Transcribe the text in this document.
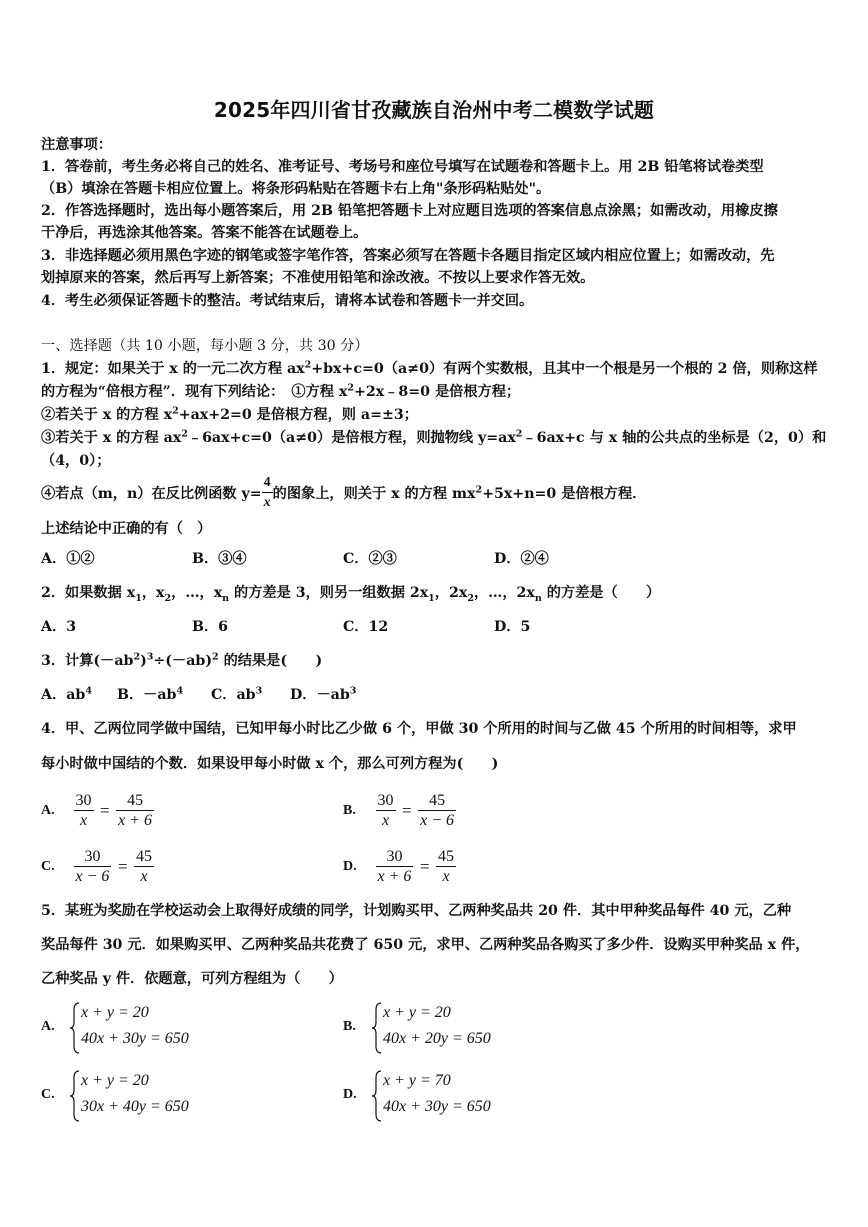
2025年四川省甘孜藏族自治州中考二模数学试题
注意事项：
1．答卷前，考生务必将自己的姓名、准考证号、考场号和座位号填写在试题卷和答题卡上。用 2B 铅笔将试卷类型
（B）填涂在答题卡相应位置上。将条形码粘贴在答题卡右上角"条形码粘贴处"。
2．作答选择题时，选出每小题答案后，用 2B 铅笔把答题卡上对应题目选项的答案信息点涂黑；如需改动，用橡皮擦
干净后，再选涂其他答案。答案不能答在试题卷上。
3．非选择题必须用黑色字迹的钢笔或签字笔作答，答案必须写在答题卡各题目指定区域内相应位置上；如需改动，先
划掉原来的答案，然后再写上新答案；不准使用铅笔和涂改液。不按以上要求作答无效。
4．考生必须保证答题卡的整洁。考试结束后，请将本试卷和答题卡一并交回。
一、选择题（共 10 小题，每小题 3 分，共 30 分）
1．规定：如果关于 x 的一元二次方程 $ax^2+bx+c=0(a\ne 0)$有两个实数根，且其中一个根是另一个根的 2 倍，则称这样
的方程为“倍根方程”．现有下列结论：　①方程 $x^2+2x﹣8=0$ 是倍根方程；
②若关于 x 的方程 $x^2+ax+2=0$ 是倍根方程，则 a=±3；
③若关于 x 的方程 $ax^2﹣6ax+c=0(a\ne 0)$是倍根方程，则抛物线 $y=ax^2﹣6ax+c$ 与 x 轴的公共点的坐标是（2，0）和
（4，0）；
④若点（m，n）在反比例函数 $y= \frac{4}{x}$ 的图象上，则关于 x 的方程 $mx^2+5x+n=0$ 是倍根方程．
上述结论中正确的有（　）
A．①②	B．③④	C．②③	D．②④
2．如果数据 $x_1$，$x_2$，…，$x_n$ 的方差是 3，则另一组数据 $2x_1$，$2x_2$，…，$2x_n$ 的方差是（　　）
A．3	B．6	C．12	D．5
3．计算$(-ab^2)^3\div(-ab)^2$ 的结果是(　　)
A．$ab^4$ B．$-ab^4$ C．$ab^3$ D．$-ab^3$
4．甲、乙两位同学做中国结，已知甲每小时比乙少做 6 个，甲做 30 个所用的时间与乙做 45 个所用的时间相等，求甲
每小时做中国结的个数．如果设甲每小时做 x 个，那么可列方程为(　　)
A. $\frac{30}{x} = \frac{45}{x + 6}$	B. $\frac{30}{x} = \frac{45}{x - 6}$
C. $\frac{30}{x - 6} = \frac{45}{x}$	D. $\frac{30}{x + 6} = \frac{45}{x}$
5．某班为奖励在学校运动会上取得好成绩的同学，计划购买甲、乙两种奖品共 20 件．其中甲种奖品每件 40 元，乙种
奖品每件 30 元．如果购买甲、乙两种奖品共花费了 650 元，求甲、乙两种奖品各购买了多少件．设购买甲种奖品 x 件，
乙种奖品 y 件．依题意，可列方程组为（　　）
A.
x + y = 20
40x + 30y = 650
B.
x + y = 20
40x + 20y = 650
C.
x + y = 20
30x + 40y = 650
D.
x + y = 70
40x + 30y = 650
